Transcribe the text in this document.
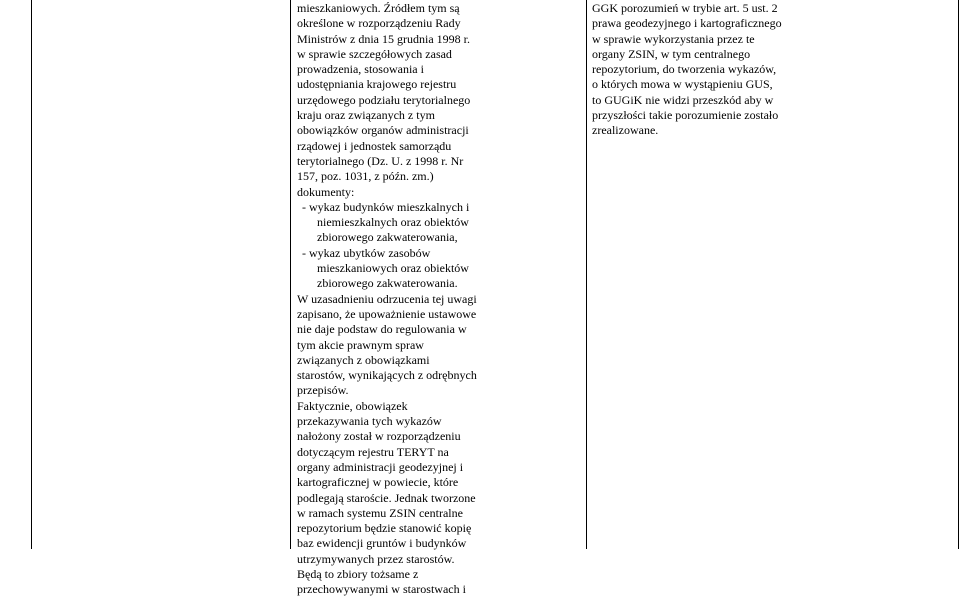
mieszkaniowych. Źródłem tym są
określone w rozporządzeniu Rady
Ministrów z dnia 15 grudnia 1998 r.
w sprawie szczegółowych zasad
prowadzenia, stosowania i
udostępniania krajowego rejestru
urzędowego podziału terytorialnego
kraju oraz związanych z tym
obowiązków organów administracji
rządowej i jednostek samorządu
terytorialnego (Dz. U. z 1998 r. Nr
157, poz. 1031, z późn. zm.)
dokumenty:
- wykaz budynków mieszkalnych i
niemieszkalnych oraz obiektów
zbiorowego zakwaterowania,
- wykaz ubytków zasobów
mieszkaniowych oraz obiektów
zbiorowego zakwaterowania.
W uzasadnieniu odrzucenia tej uwagi
zapisano, że upoważnienie ustawowe
nie daje podstaw do regulowania w
tym akcie prawnym spraw
związanych z obowiązkami
starostów, wynikających z odrębnych
przepisów.
Faktycznie, obowiązek
przekazywania tych wykazów
nałożony został w rozporządzeniu
dotyczącym rejestru TERYT na
organy administracji geodezyjnej i
kartograficznej w powiecie, które
podlegają staroście. Jednak tworzone
w ramach systemu ZSIN centralne
repozytorium będzie stanowić kopię
baz ewidencji gruntów i budynków
utrzymywanych przez starostów.
Będą to zbiory tożsame z
przechowywanymi w starostwach i
GGK porozumień w trybie art. 5 ust. 2
prawa geodezyjnego i kartograficznego
w sprawie wykorzystania przez te
organy ZSIN, w tym centralnego
repozytorium, do tworzenia wykazów,
o których mowa w wystąpieniu GUS,
to GUGiK nie widzi przeszkód aby w
przyszłości takie porozumienie zostało
zrealizowane.
